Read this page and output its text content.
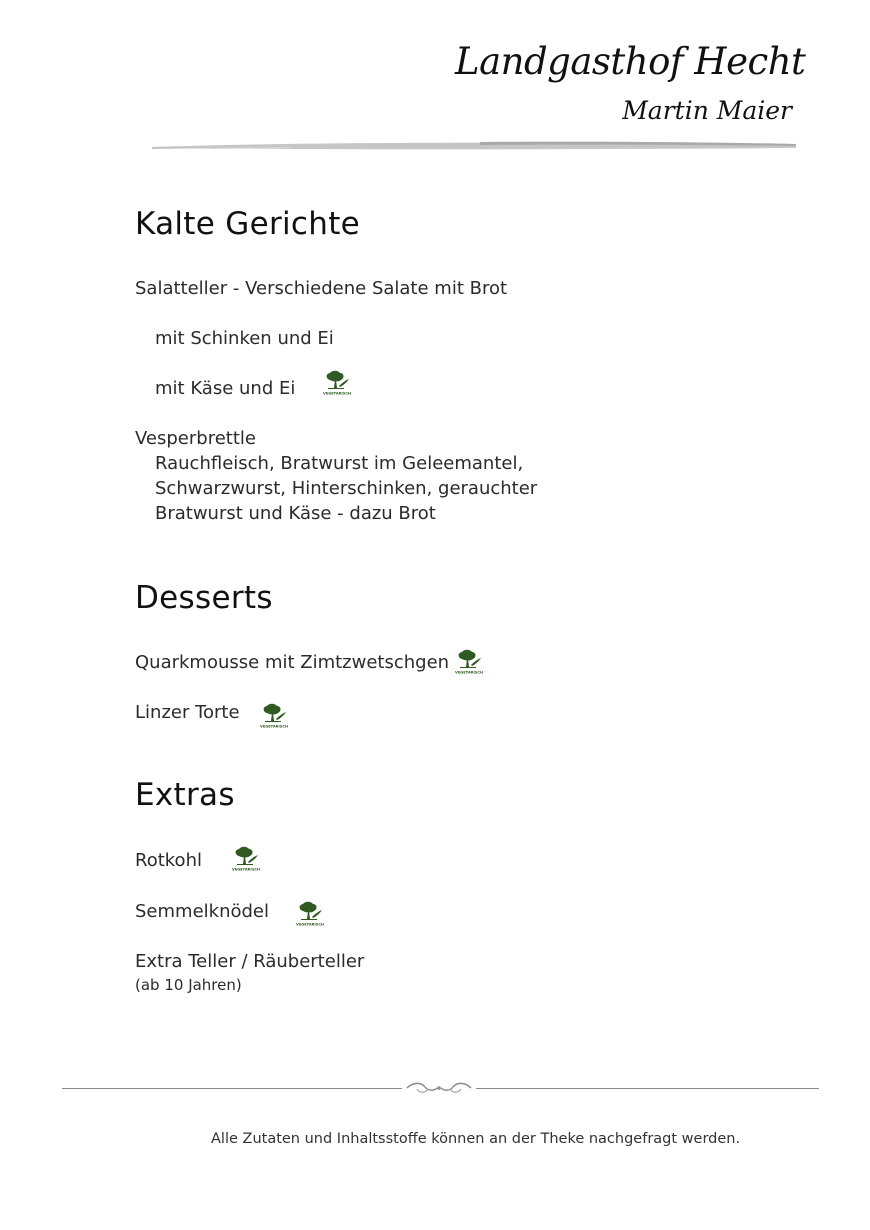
Landgasthof Hecht
Martin Maier
Kalte Gerichte
Salatteller - Verschiedene Salate mit Brot
mit Schinken und Ei
mit Käse und Ei	VEGETARISCH
Vesperbrettle
Rauchfleisch, Bratwurst im Geleemantel,
Schwarzwurst, Hinterschinken, gerauchter
Bratwurst und Käse - dazu Brot
Desserts
Quarkmousse mit Zimtzwetschgen VEGETARISCH
Linzer Torte
VEGETARISCH
Extras
Rotkohl	VEGETARISCH
Semmelknödel
VEGETARISCH
Extra Teller / Räuberteller
(ab 10 Jahren)
Alle Zutaten und Inhaltsstoffe können an der Theke nachgefragt werden.
